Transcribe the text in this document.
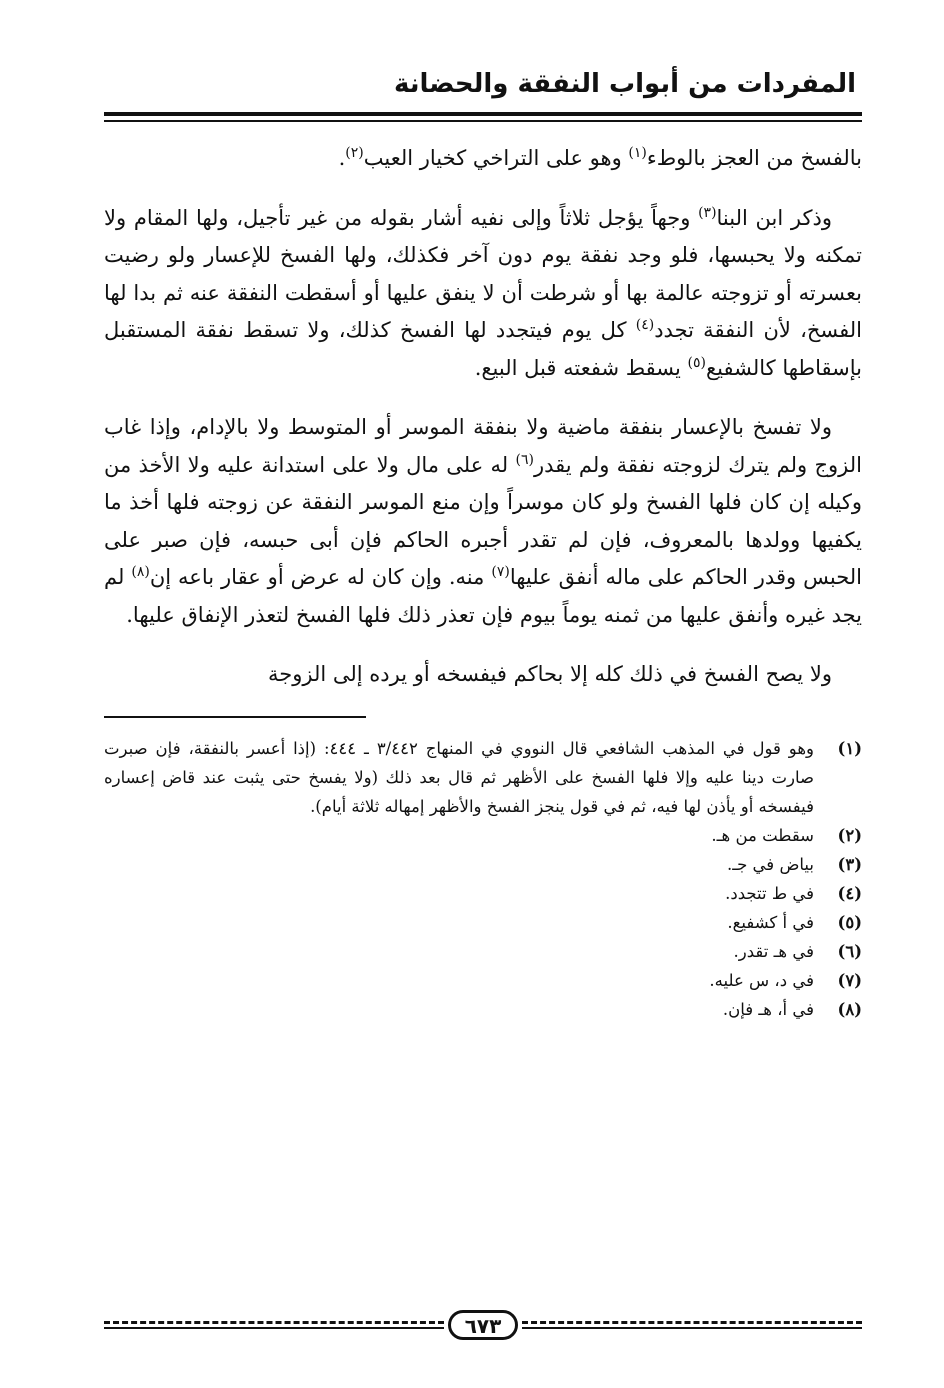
المفردات من أبواب النفقة والحضانة

بالفسخ من العجز بالوطء$^{(١)}$ وهو على التراخي كخيار العيب$^{(٢)}$.

وذكر ابن البنا$^{(٣)}$ وجهاً يؤجل ثلاثاً وإلى نفيه أشار بقوله من غير تأجيل، ولها المقام ولا تمكنه ولا يحبسها، فلو وجد نفقة يوم دون آخر فكذلك، ولها الفسخ للإعسار ولو رضيت بعسرته أو تزوجته عالمة بها أو شرطت أن لا ينفق عليها أو أسقطت النفقة عنه ثم بدا لها الفسخ، لأن النفقة تجدد$^{(٤)}$ كل يوم فيتجدد لها الفسخ كذلك، ولا تسقط نفقة المستقبل بإسقاطها كالشفيع$^{(٥)}$ يسقط شفعته قبل البيع.

ولا تفسخ بالإعسار بنفقة ماضية ولا بنفقة الموسر أو المتوسط ولا بالإدام، وإذا غاب الزوج ولم يترك لزوجته نفقة ولم يقدر$^{(٦)}$ له على مال ولا على استدانة عليه ولا الأخذ من وكيله إن كان فلها الفسخ ولو كان موسراً وإن منع الموسر النفقة عن زوجته فلها أخذ ما يكفيها وولدها بالمعروف، فإن لم تقدر أجبره الحاكم فإن أبى حبسه، فإن صبر على الحبس وقدر الحاكم على ماله أنفق عليها$^{(٧)}$ منه. وإن كان له عرض أو عقار باعه إن$^{(٨)}$ لم يجد غيره وأنفق عليها من ثمنه يوماً بيوم فإن تعذر ذلك فلها الفسخ لتعذر الإنفاق عليها.

ولا يصح الفسخ في ذلك كله إلا بحاكم فيفسخه أو يرده إلى الزوجة

(١)
وهو قول في المذهب الشافعي قال النووي في المنهاج ٣/٤٤٢ ـ ٤٤٤: (إذا أعسر بالنفقة، فإن صبرت صارت دينا عليه وإلا فلها الفسخ على الأظهر ثم قال بعد ذلك (ولا يفسخ حتى يثبت عند قاض إعساره فيفسخه أو يأذن لها فيه، ثم في قول ينجز الفسخ والأظهر إمهاله ثلاثة أيام).
(٢)
سقطت من هـ.
(٣)
بياض في جـ.
(٤)
في ط تتجدد.
(٥)
في أ كشفيع.
(٦)
في هـ تقدر.
(٧)
في د، س عليه.
(٨)
في أ، هـ فإن.
٦٧٣
